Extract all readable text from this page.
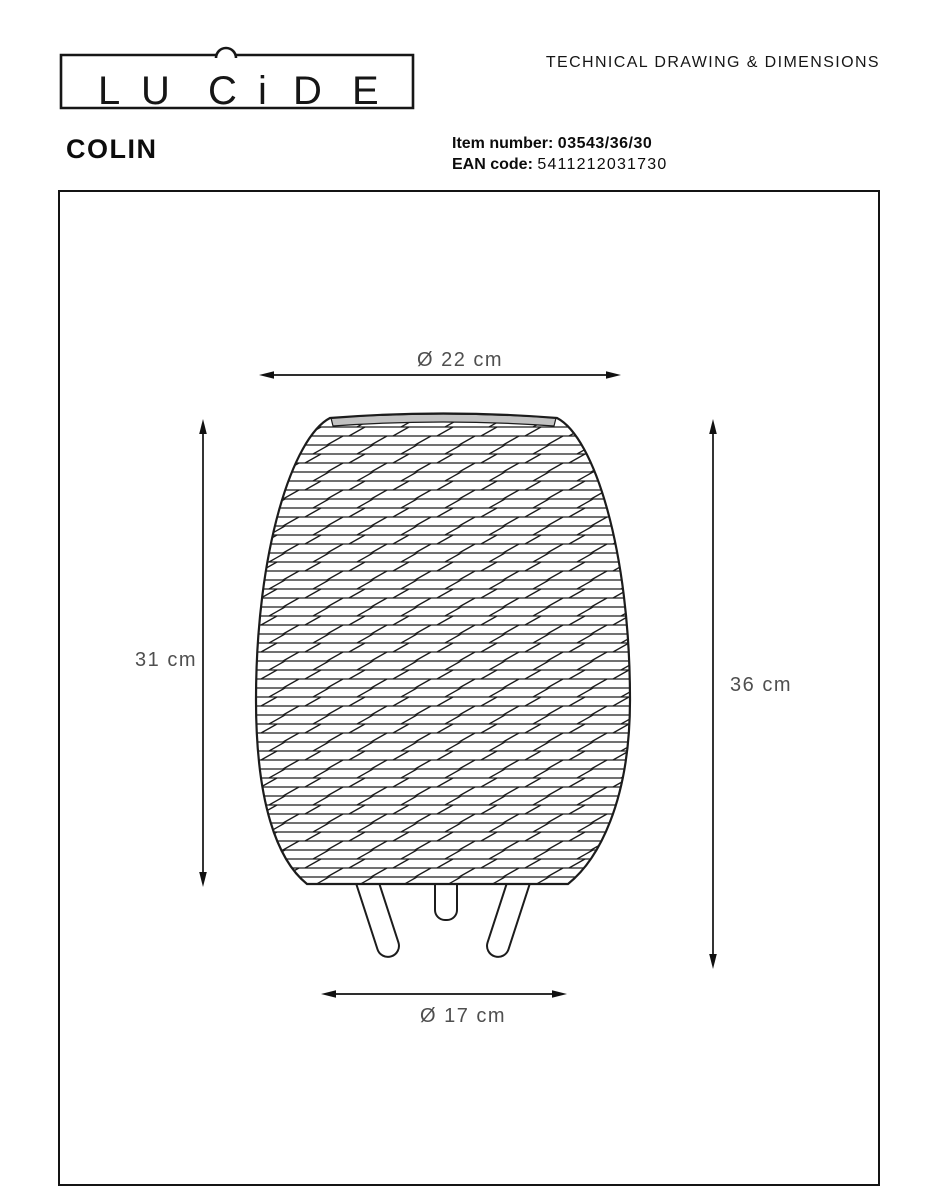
L U C i D E
TECHNICAL DRAWING & DIMENSIONS
COLIN	Item number: 03543/36/30
EAN code: 5411212031730
Ø 22 cm
31 cm
36 cm
Ø 17 cm
